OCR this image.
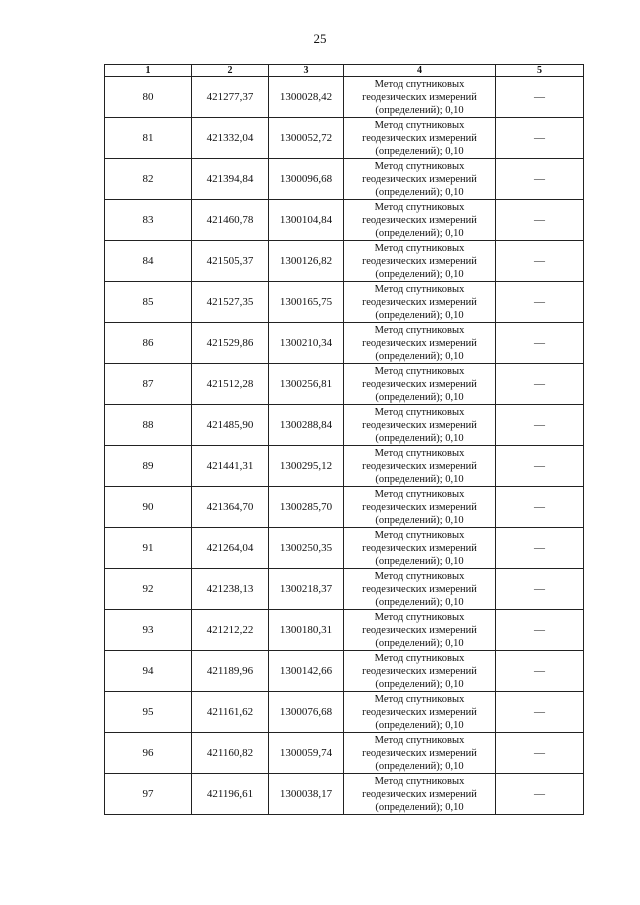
25
1	2	3	4	5
80	421277,37	1300028,42	Метод спутниковых
геодезических измерений
(определений); 0,10	—
81	421332,04	1300052,72	Метод спутниковых
геодезических измерений
(определений); 0,10	—
82	421394,84	1300096,68	Метод спутниковых
геодезических измерений
(определений); 0,10	—
83	421460,78	1300104,84	Метод спутниковых
геодезических измерений
(определений); 0,10	—
84	421505,37	1300126,82	Метод спутниковых
геодезических измерений
(определений); 0,10	—
85	421527,35	1300165,75	Метод спутниковых
геодезических измерений
(определений); 0,10	—
86	421529,86	1300210,34	Метод спутниковых
геодезических измерений
(определений); 0,10	—
87	421512,28	1300256,81	Метод спутниковых
геодезических измерений
(определений); 0,10	—
88	421485,90	1300288,84	Метод спутниковых
геодезических измерений
(определений); 0,10	—
89	421441,31	1300295,12	Метод спутниковых
геодезических измерений
(определений); 0,10	—
90	421364,70	1300285,70	Метод спутниковых
геодезических измерений
(определений); 0,10	—
91	421264,04	1300250,35	Метод спутниковых
геодезических измерений
(определений); 0,10	—
92	421238,13	1300218,37	Метод спутниковых
геодезических измерений
(определений); 0,10	—
93	421212,22	1300180,31	Метод спутниковых
геодезических измерений
(определений); 0,10	—
94	421189,96	1300142,66	Метод спутниковых
геодезических измерений
(определений); 0,10	—
95	421161,62	1300076,68	Метод спутниковых
геодезических измерений
(определений); 0,10	—
96	421160,82	1300059,74	Метод спутниковых
геодезических измерений
(определений); 0,10	—
97	421196,61	1300038,17	Метод спутниковых
геодезических измерений
(определений); 0,10	—
